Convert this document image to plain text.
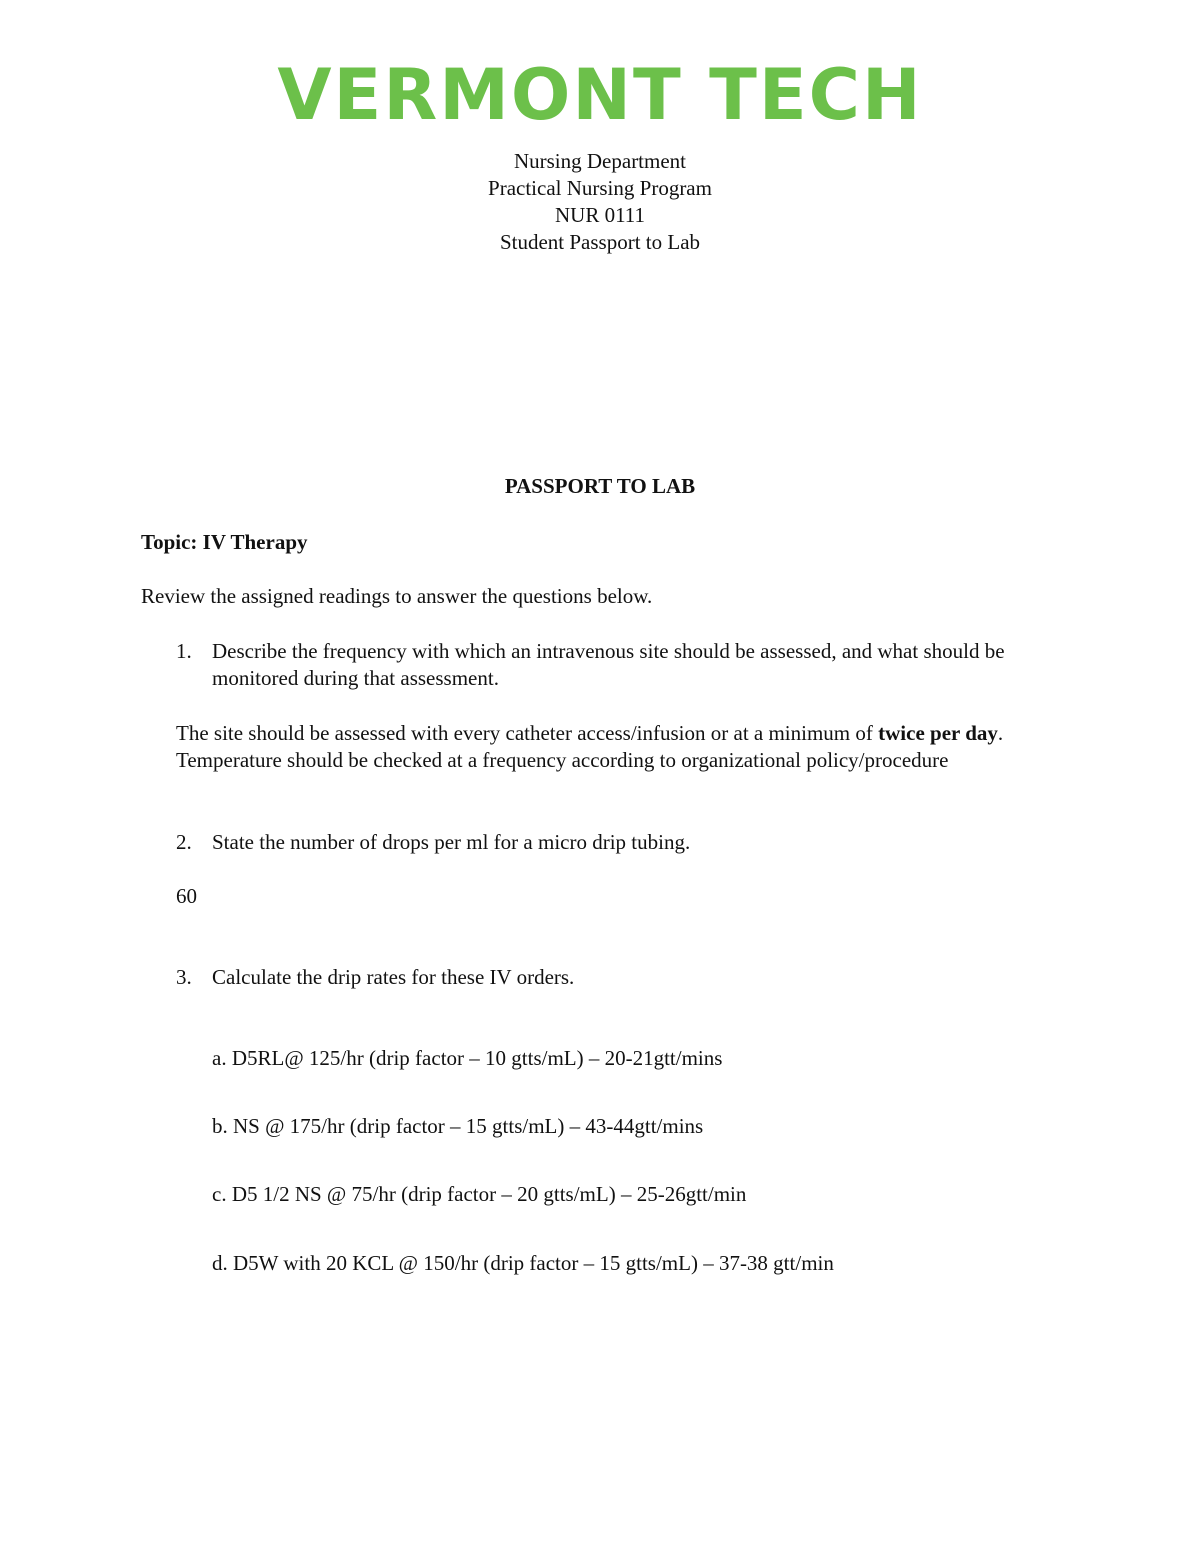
VERMONT TECH
Nursing Department
Practical Nursing Program
NUR 0111
Student Passport to Lab
PASSPORT TO LAB
Topic: IV Therapy
Review the assigned readings to answer the questions below.
1. Describe the frequency with which an intravenous site should be assessed, and what should be monitored during that assessment.
The site should be assessed with every catheter access/infusion or at a minimum of twice per day. Temperature should be checked at a frequency according to organizational policy/procedure
2. State the number of drops per ml for a micro drip tubing.
60
3. Calculate the drip rates for these IV orders.
a. D5RL@ 125/hr (drip factor – 10 gtts/mL) – 20-21gtt/mins
b. NS @ 175/hr (drip factor – 15 gtts/mL) – 43-44gtt/mins
c. D5 1/2 NS @ 75/hr (drip factor – 20 gtts/mL) – 25-26gtt/min
d. D5W with 20 KCL @ 150/hr (drip factor – 15 gtts/mL) – 37-38 gtt/min
